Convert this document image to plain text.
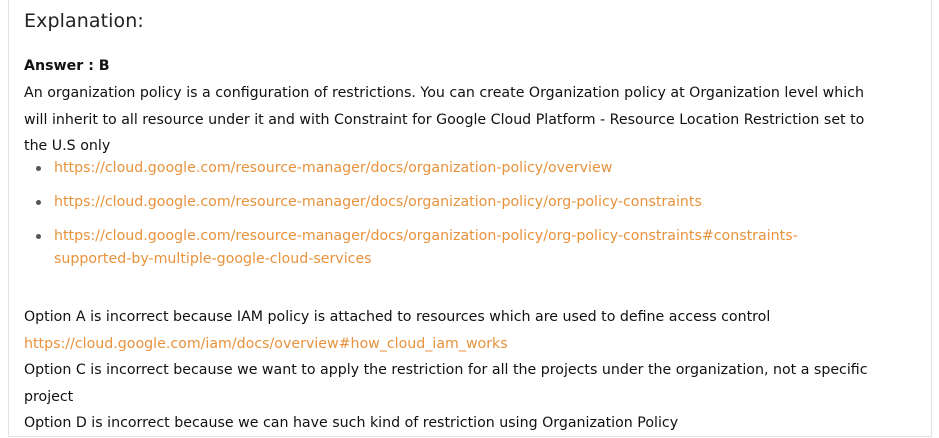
Explanation:
Answer : B
An organization policy is a configuration of restrictions. You can create Organization policy at Organization level which
will inherit to all resource under it and with Constraint for Google Cloud Platform - Resource Location Restriction set to
the U.S only
https://cloud.google.com/resource-manager/docs/organization-policy/overview
https://cloud.google.com/resource-manager/docs/organization-policy/org-policy-constraints
https://cloud.google.com/resource-manager/docs/organization-policy/org-policy-constraints#constraints-
supported-by-multiple-google-cloud-services
Option A is incorrect because IAM policy is attached to resources which are used to define access control
https://cloud.google.com/iam/docs/overview#how_cloud_iam_works
Option C is incorrect because we want to apply the restriction for all the projects under the organization, not a specific
project
Option D is incorrect because we can have such kind of restriction using Organization Policy
